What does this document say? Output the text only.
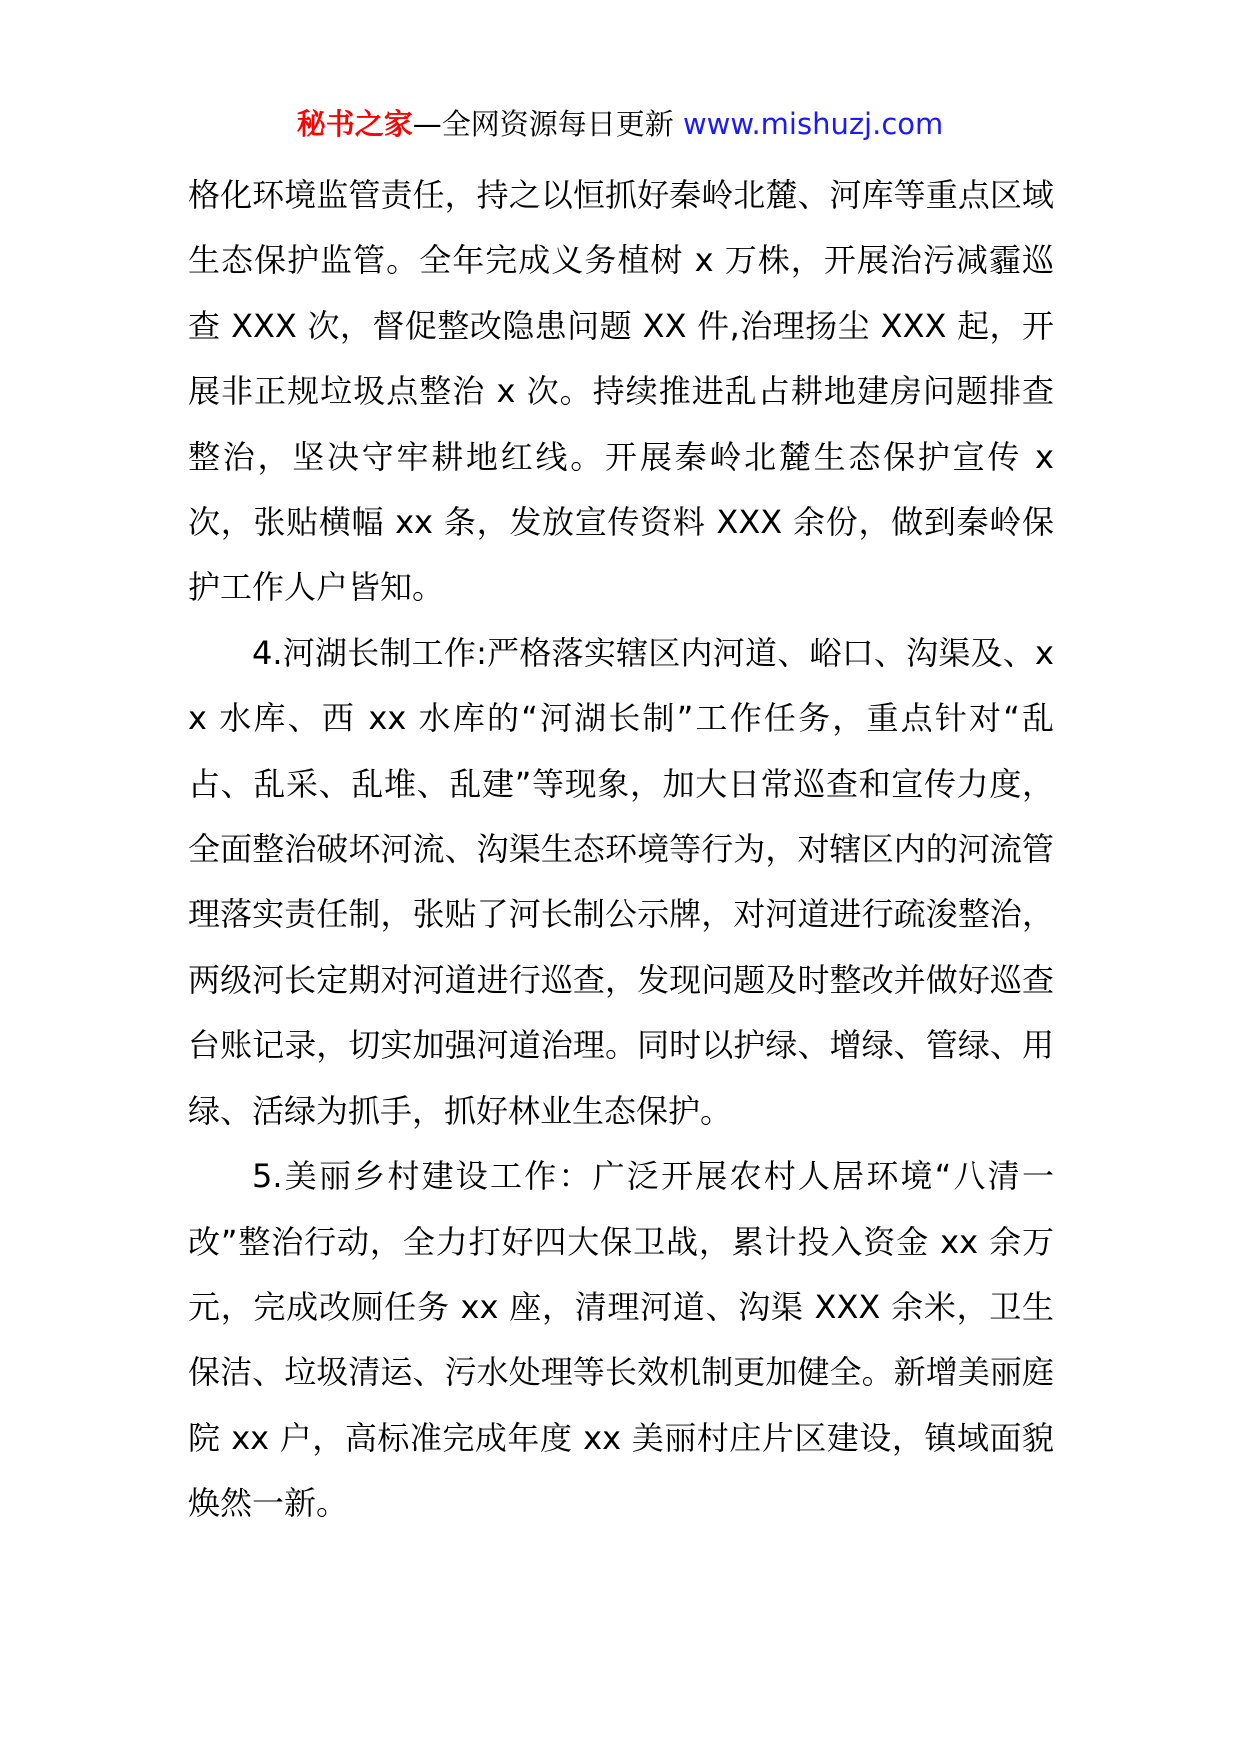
秘书之家—全网资源每日更新 www.mishuzj.com

格化环境监管责任，持之以恒抓好秦岭北麓、河库等重点区域生态保护监管。全年完成义务植树 x 万株，开展治污减霾巡查 XXX 次，督促整改隐患问题 XX 件,治理扬尘 XXX 起，开展非正规垃圾点整治 x 次。持续推进乱占耕地建房问题排查整治，坚决守牢耕地红线。开展秦岭北麓生态保护宣传 x 次，张贴横幅 xx 条，发放宣传资料 XXX 余份，做到秦岭保护工作人户皆知。

4.河湖长制工作:严格落实辖区内河道、峪口、沟渠及、xx 水库、西 xx 水库的“河湖长制”工作任务，重点针对“乱占、乱采、乱堆、乱建”等现象，加大日常巡查和宣传力度，全面整治破坏河流、沟渠生态环境等行为，对辖区内的河流管理落实责任制，张贴了河长制公示牌，对河道进行疏浚整治，两级河长定期对河道进行巡查，发现问题及时整改并做好巡查台账记录，切实加强河道治理。同时以护绿、增绿、管绿、用绿、活绿为抓手，抓好林业生态保护。

5.美丽乡村建设工作：广泛开展农村人居环境“八清一改”整治行动，全力打好四大保卫战，累计投入资金 xx 余万元，完成改厕任务 xx 座，清理河道、沟渠 XXX 余米，卫生保洁、垃圾清运、污水处理等长效机制更加健全。新增美丽庭院 xx 户，高标准完成年度 xx 美丽村庄片区建设，镇域面貌焕然一新。
